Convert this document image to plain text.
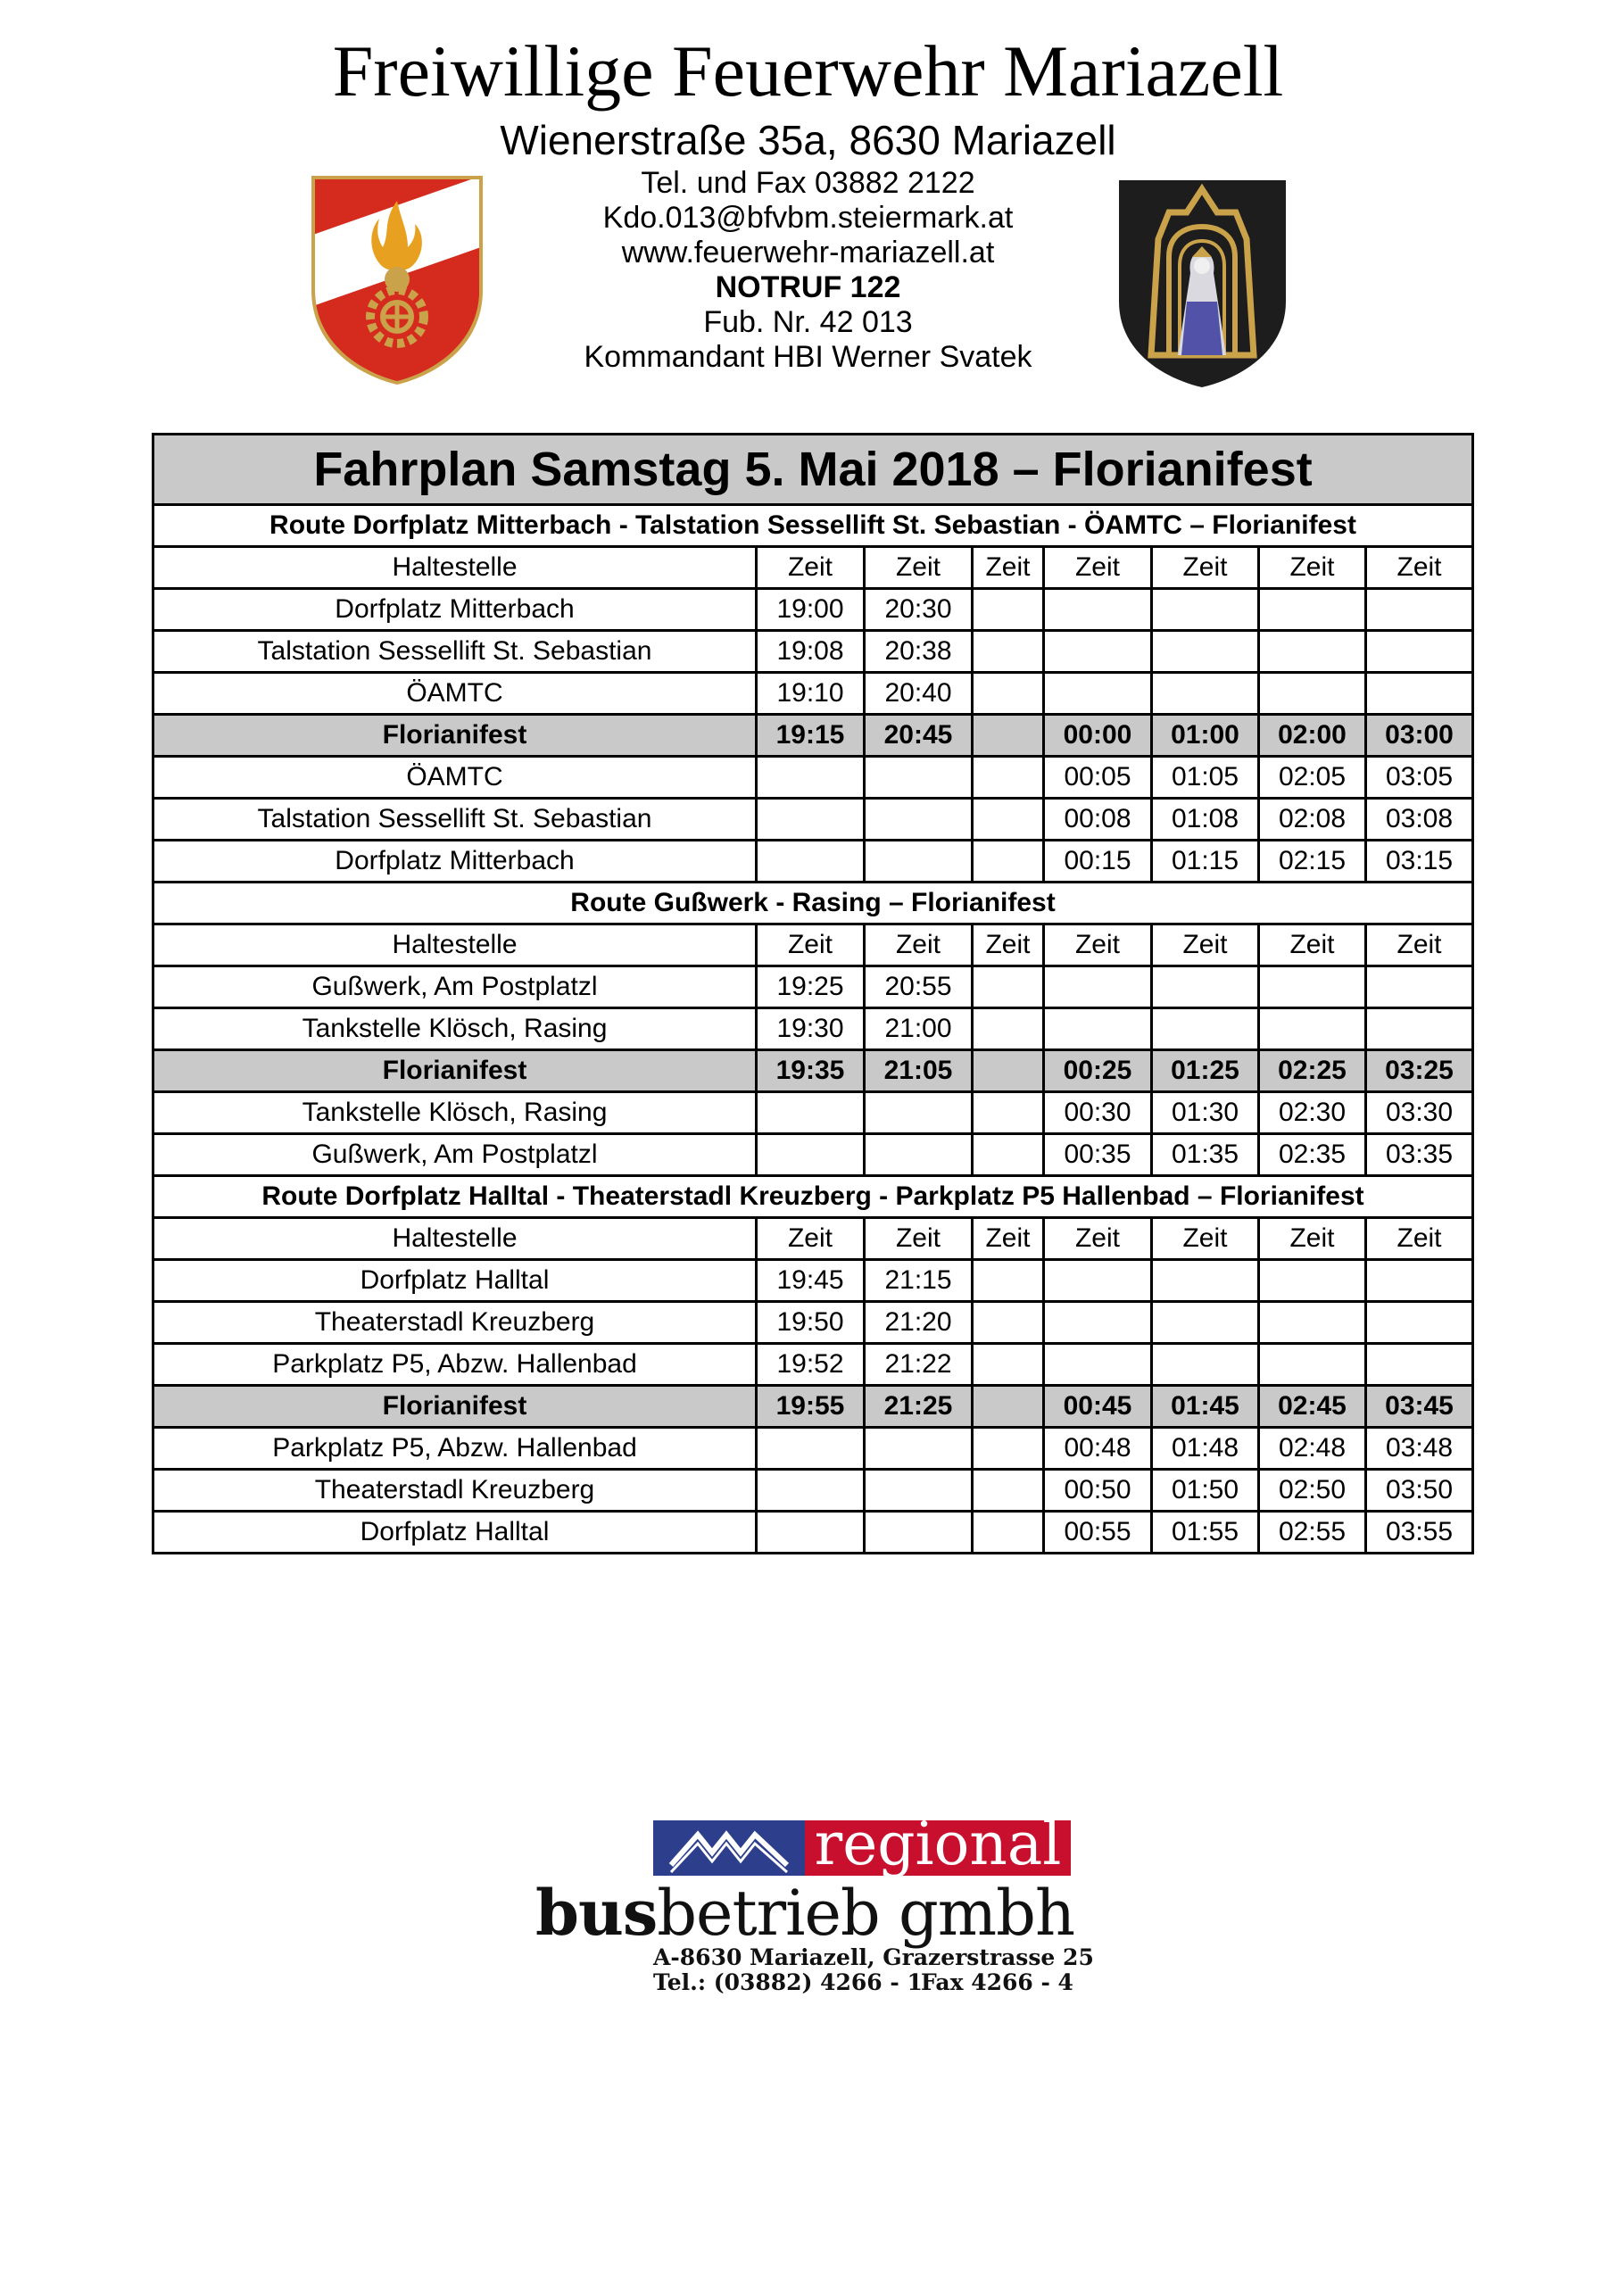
Freiwillige Feuerwehr Mariazell
Wienerstraße 35a, 8630 Mariazell
Tel. und Fax 03882 2122
Kdo.013@bfvbm.steiermark.at
www.feuerwehr-mariazell.at
NOTRUF 122
Fub. Nr. 42 013
Kommandant HBI Werner Svatek
Fahrplan Samstag 5. Mai 2018 – Florianifest							
Route Dorfplatz Mitterbach - Talstation Sessellift St. Sebastian - ÖAMTC – Florianifest							
Haltestelle	Zeit	Zeit	Zeit	Zeit	Zeit	Zeit	Zeit
Dorfplatz Mitterbach	19:00	20:30					
Talstation Sessellift St. Sebastian	19:08	20:38					
ÖAMTC	19:10	20:40					
Florianifest	19:15	20:45		00:00	01:00	02:00	03:00
ÖAMTC				00:05	01:05	02:05	03:05
Talstation Sessellift St. Sebastian				00:08	01:08	02:08	03:08
Dorfplatz Mitterbach				00:15	01:15	02:15	03:15
Route Gußwerk - Rasing – Florianifest							
Haltestelle	Zeit	Zeit	Zeit	Zeit	Zeit	Zeit	Zeit
Gußwerk, Am Postplatzl	19:25	20:55					
Tankstelle Klösch, Rasing	19:30	21:00					
Florianifest	19:35	21:05		00:25	01:25	02:25	03:25
Tankstelle Klösch, Rasing				00:30	01:30	02:30	03:30
Gußwerk, Am Postplatzl				00:35	01:35	02:35	03:35
Route Dorfplatz Halltal - Theaterstadl Kreuzberg - Parkplatz P5 Hallenbad – Florianifest							
Haltestelle	Zeit	Zeit	Zeit	Zeit	Zeit	Zeit	Zeit
Dorfplatz Halltal	19:45	21:15					
Theaterstadl Kreuzberg	19:50	21:20					
Parkplatz P5, Abzw. Hallenbad	19:52	21:22					
Florianifest	19:55	21:25		00:45	01:45	02:45	03:45
Parkplatz P5, Abzw. Hallenbad				00:48	01:48	02:48	03:48
Theaterstadl Kreuzberg				00:50	01:50	02:50	03:50
Dorfplatz Halltal				00:55	01:55	02:55	03:55
regional
busbetrieb gmbh
A-8630 Mariazell, Grazerstrasse 25
Tel.: (03882) 4266 - 1Fax 4266 - 4
